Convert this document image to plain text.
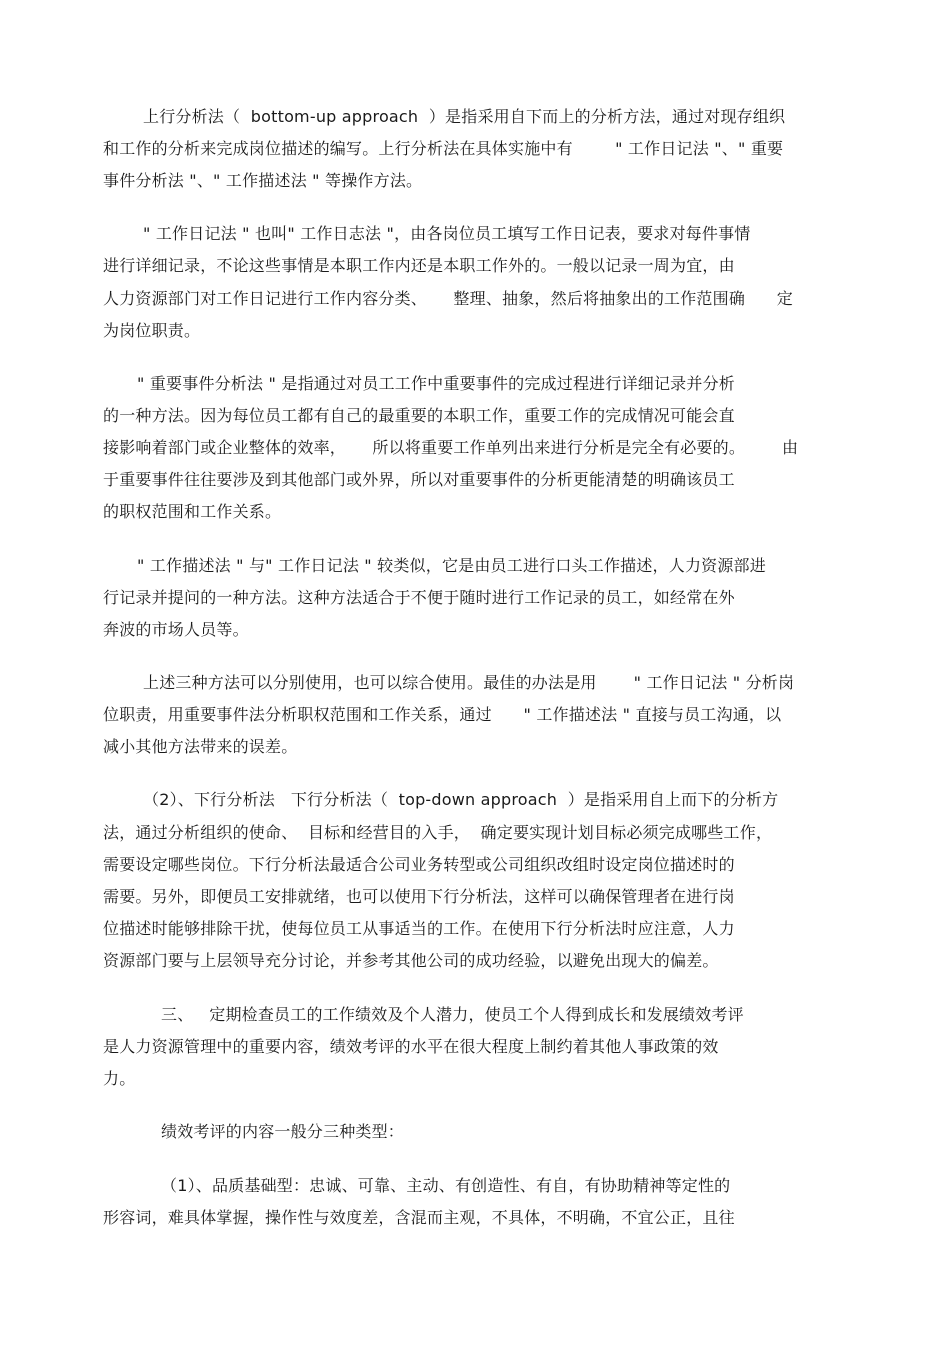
上行分析法（  bottom-up approach  ）是指采用自下而上的分析方法，通过对现存组织
和工作的分析来完成岗位描述的编写。上行分析法在具体实施中有        " 工作日记法 "、" 重要
事件分析法 "、" 工作描述法 " 等操作方法。
" 工作日记法 " 也叫" 工作日志法 "，由各岗位员工填写工作日记表，要求对每件事情
进行详细记录，不论这些事情是本职工作内还是本职工作外的。一般以记录一周为宜，由
人力资源部门对工作日记进行工作内容分类、     整理、抽象，然后将抽象出的工作范围确      定
为岗位职责。
" 重要事件分析法 " 是指通过对员工工作中重要事件的完成过程进行详细记录并分析
的一种方法。因为每位员工都有自己的最重要的本职工作，重要工作的完成情况可能会直
接影响着部门或企业整体的效率，     所以将重要工作单列出来进行分析是完全有必要的。       由
于重要事件往往要涉及到其他部门或外界，所以对重要事件的分析更能清楚的明确该员工
的职权范围和工作关系。
" 工作描述法 " 与" 工作日记法 " 较类似，它是由员工进行口头工作描述，人力资源部进
行记录并提问的一种方法。这种方法适合于不便于随时进行工作记录的员工，如经常在外
奔波的市场人员等。
上述三种方法可以分别使用，也可以综合使用。最佳的办法是用       " 工作日记法 " 分析岗
位职责，用重要事件法分析职权范围和工作关系，通过      " 工作描述法 " 直接与员工沟通，以
减小其他方法带来的误差。
（2）、下行分析法   下行分析法（  top-down approach  ）是指采用自上而下的分析方
法，通过分析组织的使命、  目标和经营目的入手，  确定要实现计划目标必须完成哪些工作，
需要设定哪些岗位。下行分析法最适合公司业务转型或公司组织改组时设定岗位描述时的
需要。另外，即便员工安排就绪，也可以使用下行分析法，这样可以确保管理者在进行岗
位描述时能够排除干扰，使每位员工从事适当的工作。在使用下行分析法时应注意，人力
资源部门要与上层领导充分讨论，并参考其他公司的成功经验，以避免出现大的偏差。
三、   定期检查员工的工作绩效及个人潜力，使员工个人得到成长和发展绩效考评
是人力资源管理中的重要内容，绩效考评的水平在很大程度上制约着其他人事政策的效
力。
绩效考评的内容一般分三种类型：
（1）、品质基础型：忠诚、可靠、主动、有创造性、有自，有协助精神等定性的
形容词，难具体掌握，操作性与效度差，含混而主观，不具体，不明确，不宜公正，且往
